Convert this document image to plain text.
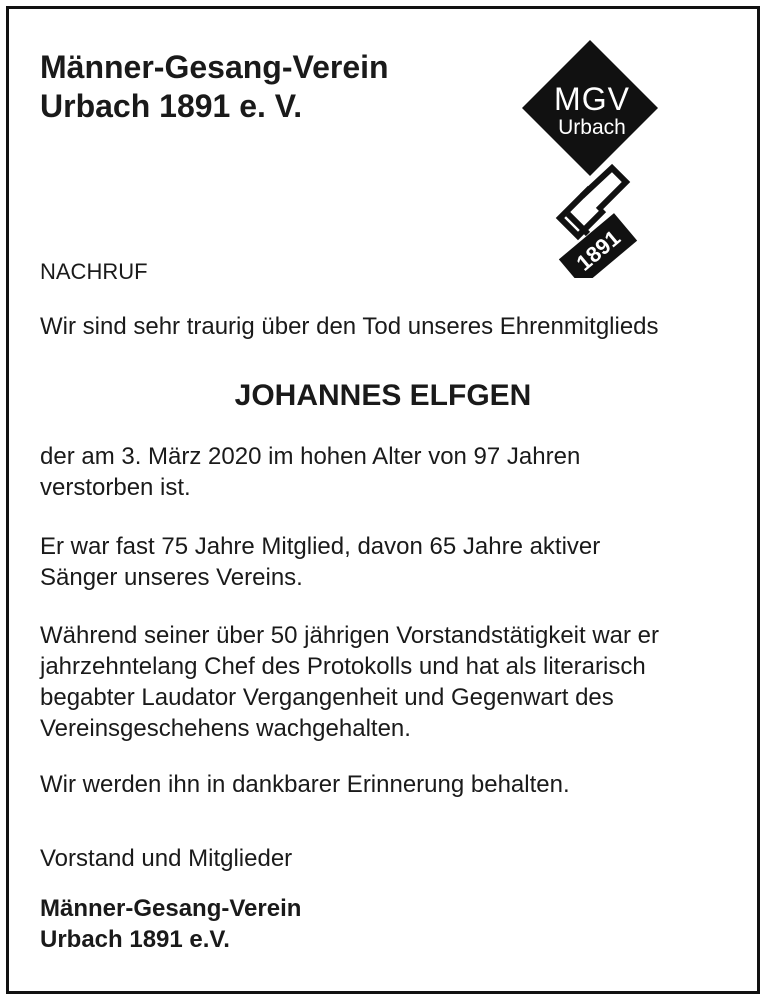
Männer-Gesang-Verein
Urbach 1891 e. V.	MGV
Urbach
1891
NACHRUF

Wir sind sehr traurig über den Tod unseres Ehrenmitglieds

JOHANNES ELFGEN

der am 3. März 2020 im hohen Alter von 97 Jahren
verstorben ist.

Er war fast 75 Jahre Mitglied, davon 65 Jahre aktiver
Sänger unseres Vereins.

Während seiner über 50 jährigen Vorstandstätigkeit war er
jahrzehntelang Chef des Protokolls und hat als literarisch
begabter Laudator Vergangenheit und Gegenwart des
Vereinsgeschehens wachgehalten.

Wir werden ihn in dankbarer Erinnerung behalten.

Vorstand und Mitglieder

Männer-Gesang-Verein
Urbach 1891 e.V.
